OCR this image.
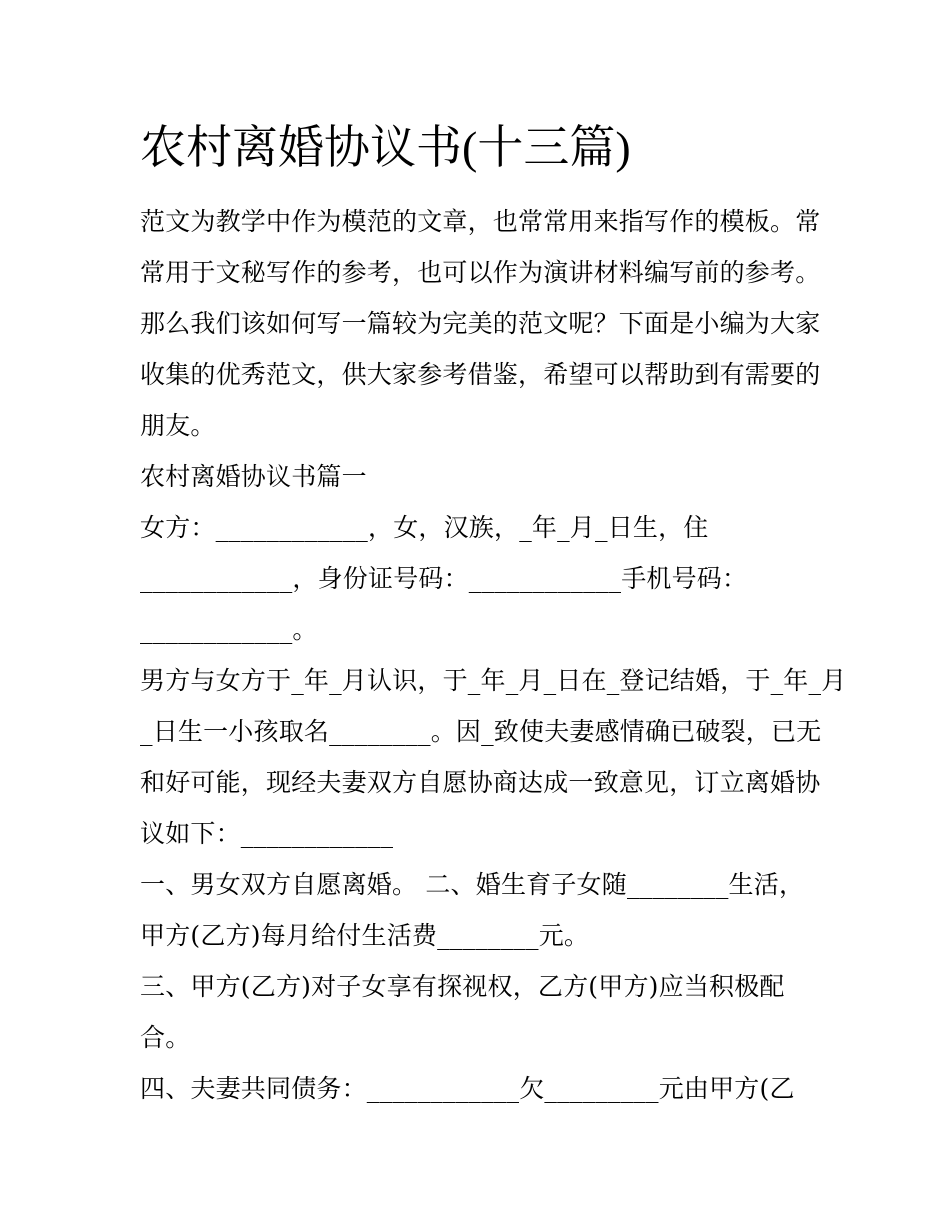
农村离婚协议书(十三篇)
范文为教学中作为模范的文章，也常常用来指写作的模板。常
常用于文秘写作的参考，也可以作为演讲材料编写前的参考。
那么我们该如何写一篇较为完美的范文呢？下面是小编为大家
收集的优秀范文，供大家参考借鉴，希望可以帮助到有需要的
朋友。
农村离婚协议书篇一
女方：____________，女，汉族，_年_月_日生，住
____________，身份证号码：____________手机号码：
____________。
男方与女方于_年_月认识，于_年_月_日在_登记结婚，于_年_月
_日生一小孩取名________。因_致使夫妻感情确已破裂，已无
和好可能，现经夫妻双方自愿协商达成一致意见，订立离婚协
议如下：____________
一、男女双方自愿离婚。 二、婚生育子女随________生活，
甲方(乙方)每月给付生活费________元。
三、甲方(乙方)对子女享有探视权，乙方(甲方)应当积极配
合。
四、夫妻共同债务：____________欠_________元由甲方(乙
